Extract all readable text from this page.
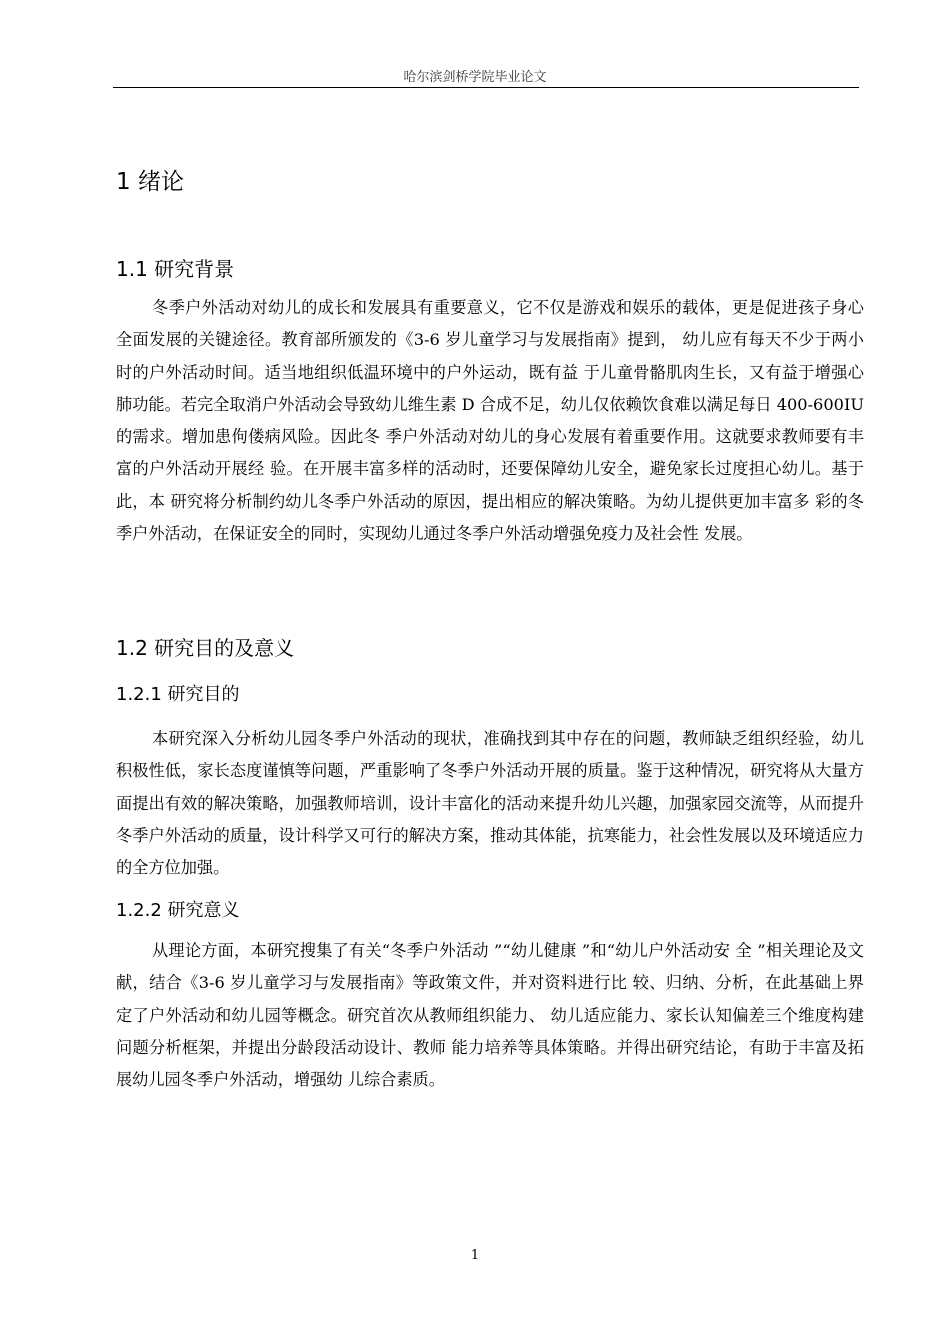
哈尔滨剑桥学院毕业论文
1 绪论
1.1 研究背景

冬季户外活动对幼儿的成长和发展具有重要意义，它不仅是游戏和娱乐的载体，更是促进孩子身心全面发展的关键途径。教育部所颁发的《3-6 岁儿童学习与发展指南》提到， 幼儿应有每天不少于两小时的户外活动时间。适当地组织低温环境中的户外运动，既有益 于儿童骨骼肌肉生长，又有益于增强心肺功能。若完全取消户外活动会导致幼儿维生素 D 合成不足，幼儿仅依赖饮食难以满足每日 400-600IU 的需求。增加患佝偻病风险。因此冬 季户外活动对幼儿的身心发展有着重要作用。这就要求教师要有丰富的户外活动开展经 验。在开展丰富多样的活动时，还要保障幼儿安全，避免家长过度担心幼儿。基于此，本 研究将分析制约幼儿冬季户外活动的原因，提出相应的解决策略。为幼儿提供更加丰富多 彩的冬季户外活动，在保证安全的同时，实现幼儿通过冬季户外活动增强免疫力及社会性 发展。

1.2 研究目的及意义
1.2.1 研究目的

本研究深入分析幼儿园冬季户外活动的现状，准确找到其中存在的问题，教师缺乏组织经验，幼儿积极性低，家长态度谨慎等问题，严重影响了冬季户外活动开展的质量。鉴于这种情况，研究将从大量方面提出有效的解决策略，加强教师培训，设计丰富化的活动来提升幼儿兴趣，加强家园交流等，从而提升冬季户外活动的质量，设计科学又可行的解决方案，推动其体能，抗寒能力，社会性发展以及环境适应力的全方位加强。

1.2.2 研究意义

从理论方面，本研究搜集了有关“冬季户外活动 ”“幼儿健康 ”和“幼儿户外活动安 全 ”相关理论及文献，结合《3-6 岁儿童学习与发展指南》等政策文件，并对资料进行比 较、归纳、分析，在此基础上界定了户外活动和幼儿园等概念。研究首次从教师组织能力、 幼儿适应能力、家长认知偏差三个维度构建问题分析框架，并提出分龄段活动设计、教师 能力培养等具体策略。并得出研究结论，有助于丰富及拓展幼儿园冬季户外活动，增强幼 儿综合素质。

1
